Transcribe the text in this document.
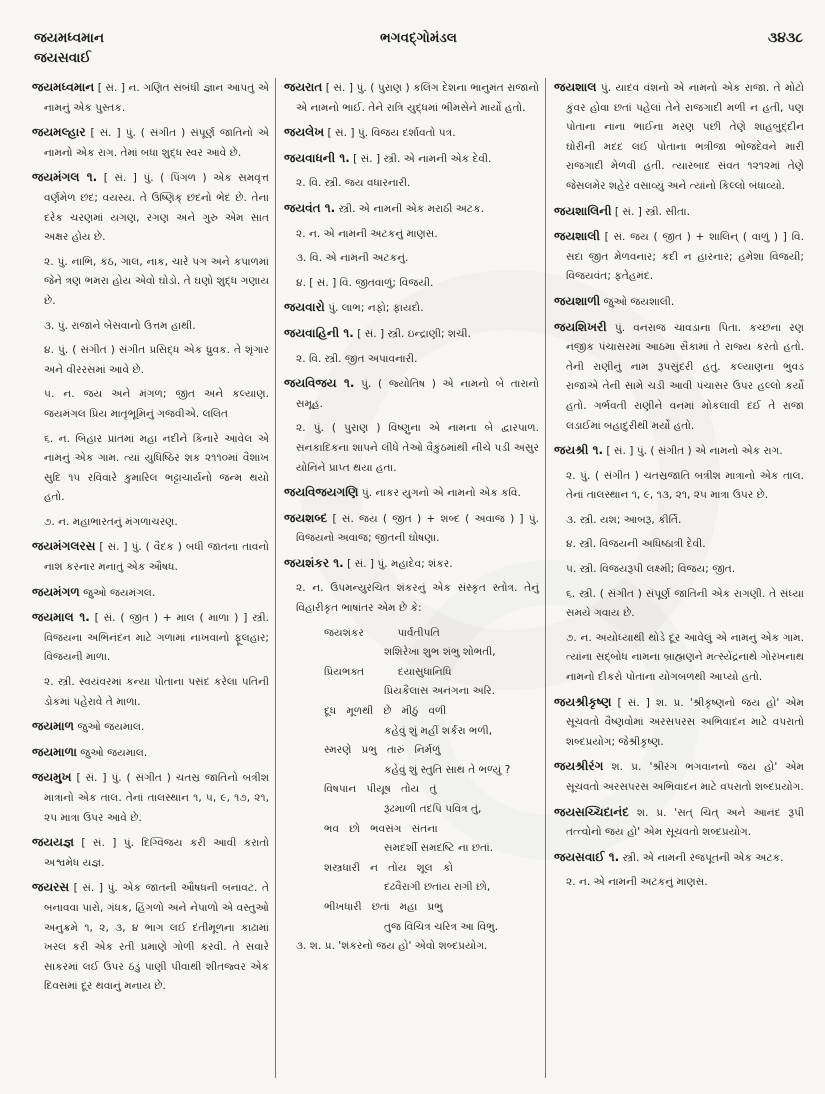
જયમધ્વમાન
જયસવાઈ
ભગવદ્ગોમંડલ	૩૪૩૮
જયમધ્વમાન [ સં. ] ન. ગણિત સંબંધી જ્ઞાન આપતું એ નામનું એક પુસ્તક.
જયમલ્હાર [ સં. ] પું. ( સંગીત ) સંપૂર્ણ જાતિનો એ નામનો એક રાગ. તેમાં બધા શુદ્ધ સ્વર આવે છે.
જયમંગલ ૧. [ સં. ] પું. ( પિંગળ ) એક સમવૃત્ત વર્ણમેળ છંદ; વયસ્ય. તે ઉષ્ણિક્ છંદનો ભેદ છે. તેના દરેક ચરણમાં યગણ, રગણ અને ગુરુ એમ સાત અક્ષર હોય છે.
૨. પું. નાભિ, કંઠ, ગાલ, નાક, ચારે પગ અને કપાળમાં જેને ત્રણ ભમરા હોય એવો ઘોડો. તે ઘણો શુદ્ધ ગણાય છે.
૩. પું. રાજાને બેસવાનો ઉત્તમ હાથી.
૪. પું. ( સંગીત ) સંગીત પ્રસિદ્ધ એક ધ્રુવક. તે શૃંગાર અને વીરરસમાં આવે છે.
૫. ન. જય અને મંગળ; જીત અને કલ્યાણ. જયમંગલ પ્રિય માતૃભૂમિનું ગજવીએ. લલિત
૬. ન. બિહાર પ્રાંતમાં મહા નદીને કિનારે આવેલ એ નામનું એક ગામ. ત્યાં યુધિષ્ઠિર શક ૨૧૧૦માં વૈશાખ સુદિ ૧૫ રવિવારે કુમારિલ ભટ્ટાચાર્યનો જન્મ થયો હતો.
૭. ન. મહાભારતનું મંગળાચરણ.
જયમંગલરસ [ સં. ] પું. ( વૈદક ) બધી જાતના તાવનો નાશ કરનાર મનાતું એક ઔષધ.
જયમંગળ જુઓ જયમંગલ.
જયમાલ ૧. [ સં. ( જીત ) + માલ ( માળા ) ] સ્ત્રી. વિજયના અભિનંદન માટે ગળામાં નાખવાનો ફૂલહાર; વિજયની માળા.
૨. સ્ત્રી. સ્વયંવરમાં કન્યા પોતાના પસંદ કરેલા પતિની ડોકમાં પહેરાવે તે માળા.
જયમાળ જુઓ જયમાલ.
જયમાળા જુઓ જયમાલ.
જયમુખ [ સં. ] પું. ( સંગીત ) ચતસ્ર જાતિનો બત્રીશ માત્રાનો એક તાલ. તેનાં તાલસ્થાન ૧, ૫, ૯, ૧૭, ૨૧, ૨૫ માત્રા ઉપર આવે છે.
જયયજ્ઞ [ સં. ] પું. દિગ્વિજય કરી આવી કરાતો અશ્વમેધ યજ્ઞ.
જયરસ [ સં. ] પું. એક જાતની ઔષધની બનાવટ. તે બનાવવા પારો, ગંધક, હિંગળો અને નેપાળો એ વસ્તુઓ અનુક્રમે ૧, ૨, ૩, ૪ ભાગ લઈ દંતીમૂળના કાઢામાં ખરલ કરી એક રતી પ્રમાણે ગોળી કરવી. તે સવારે સાકરમાં લઈ ઉપર ઠંડું પાણી પીવાથી શીતજ્વર એક દિવસમાં દૂર થવાનું મનાય છે.
જયરાત [ સં. ] પું. ( પુરાણ ) કલિંગ દેશના ભાનુમંત રાજાનો એ નામનો ભાઈ. તેને રાત્રિ યુદ્ધમાં ભીમસેને માર્યો હતો.
જયલેખ [ સં. ] પું. વિજય દર્શાવતો પત્ર.
જયવાધની ૧. [ સં. ] સ્ત્રી. એ નામની એક દેવી.
૨. વિ. સ્ત્રી. જય વધારનારી.
જયવંત ૧. સ્ત્રી. એ નામની એક મરાઠી અટક.
૨. ન. એ નામની અટકનું માણસ.
૩. વિ. એ નામની અટકનું.
૪. [ સં. ] વિ. જીતવાળું; વિજયી.
જયવારો પું. લાભ; નફો; ફાયદો.
જયવાહિની ૧. [ સં. ] સ્ત્રી. ઇન્દ્રાણી; શચી.
૨. વિ. સ્ત્રી. જીત અપાવનારી.
જયવિજય ૧. પું. ( જ્યોતિષ ) એ નામનો બે તારાનો સમૂહ.
૨. પું. ( પુરાણ ) વિષ્ણુના એ નામના બે દ્વારપાળ. સનકાદિકના શાપને લીધે તેઓ વૈકુંઠમાંથી નીચે પડી અસુર યોનિને પ્રાપ્ત થયા હતા.
જયવિજયગણિ પું. નાકર યુગનો એ નામનો એક કવિ.
જયશબ્દ [ સં. જય ( જીત ) + શબ્દ ( અવાજ ) ] પું. વિજયનો અવાજ; જીતની ઘોષણા.
જયશંકર ૧. [ સં. ] પું. મહાદેવ; શંકર.
૨. ન. ઉપમન્યુરચિત શંકરનું એક સંસ્કૃત સ્તોત્ર. તેનું વિહારીકૃત ભાષાંતર એમ છે કે:
જયશંકર          પાર્વતીપતિ
શશિરેખા શુભ શંભુ શોભતી,
પ્રિયભક્ત          દયાસુધાનિધિ
પ્રિયકૈલાસ અનંગના અરિ.
દૂધ   મૂળથી   છે   મીઠું   વળી
કહેવું શું મહીં શર્કરા ભળી,
સ્મરણે   પ્રભુ   તારું   નિર્મળું
કહેવું શું સ્તુતિ સાથ તે ભળ્યું ?
વિષપાન   પીયૂષ   તોય   તું
રૂંઢમાળી તદપિ પવિત્ર તું,
ભવ   છો   ભવસંગ   સંતના
સમદર્શી સમદષ્ટિ ના છતાં.
શસ્ત્રધારી   ન   તોય   શૂલ   કો
દઢવૈરાગી છતાંય રાગી છો,
ભીખધારી   છતાં   મહા   પ્રભુ
તુજ વિચિત્ર ચરિત્ર આ વિભુ.
૩. શ. પ્ર. 'શંકરનો જય હો' એવો શબ્દપ્રયોગ.
જયશાલ પું. યાદવ વંશનો એ નામનો એક રાજા. તે મોટો કુંવર હોવા છતાં પહેલાં તેને રાજગાદી મળી ન હતી, પણ પોતાના નાના ભાઈના મરણ પછી તેણે શાહબુદ્દીન ઘોરીની મદદ લઈ પોતાના ભત્રીજા ભોજદેવને મારી રાજગાદી મેળવી હતી. ત્યારબાદ સંવત ૧૨૧૨માં તેણે જેસલમેર શહેર વસાવ્યું અને ત્યાંનો કિલ્લો બંધાવ્યો.
જયશાલિની [ સં. ] સ્ત્રી. સીતા.
જયશાલી [ સં. જય ( જીત ) + શાલિન્ ( વાળું ) ] વિ. સદા જીત મેળવનાર; કદી ન હારનાર; હમેશા વિજયી; વિજયવંત; ફતેહમંદ.
જયશાળી જુઓ જયશાલી.
જયશિખરી પું. વનરાજ ચાવડાના પિતા. કચ્છના રણ નજીક પંચાસરમાં આઠમા સૈકામાં તે રાજ્ય કરતો હતો. તેની રાણીનું નામ રૂપસુંદરી હતું. કલ્યાણના ભુવડ રાજાએ તેની સામે ચડી આવી પંચાસર ઉપર હલ્લો કર્યો હતો. ગર્ભવતી રાણીને વનમાં મોકલાવી દઈ તે રાજા લડાઈમાં બહાદુરીથી મર્યો હતો.
જયશ્રી ૧. [ સં. ] પું. ( સંગીત ) એ નામનો એક રાગ.
૨. પું. ( સંગીત ) ચતસ્રજાતિ બત્રીશ માત્રાનો એક તાલ. તેનાં તાલસ્થાન ૧, ૯, ૧૩, ૨૧, ૨૫ માત્રા ઉપર છે.
૩. સ્ત્રી. યશ; આબરૂ, કીર્તિ.
૪. સ્ત્રી. વિજયની અધિષ્ઠાત્રી દેવી.
૫. સ્ત્રી. વિજયરૂપી લક્ષ્મી; વિજય; જીત.
૬. સ્ત્રી. ( સંગીત ) સંપૂર્ણ જાતિની એક રાગણી. તે સંધ્યા સમયે ગવાય છે.
૭. ન. અયોધ્યાથી થોડે દૂર આવેલું એ નામનું એક ગામ. ત્યાંના સદ્બોધ નામના બ્રાહ્મણને મત્સ્યેંદ્રનાથે ગોરખનાથ નામનો દીકરો પોતાના યોગબળથી આપ્યો હતો.
જયશ્રીકૃષ્ણ [ સં. ] શ. પ્ર. 'શ્રીકૃષ્ણનો જય હો' એમ સૂચવતો વૈષ્ણવોમાં અરસપરસ અભિવાદન માટે વપરાતો શબ્દપ્રયોગ; જેશ્રીકૃષ્ણ.
જયશ્રીરંગ શ. પ્ર. 'શ્રીરંગ ભગવાનનો જય હો' એમ સૂચવતો અરસપરસ અભિવાદન માટે વપરાતો શબ્દપ્રયોગ.
જયસચ્ચિદાનંદ શ. પ્ર. 'સત્ ચિત્ અને આનંદ રૂપી તત્ત્વોનો જય હો' એમ સૂચવતો શબ્દપ્રયોગ.
જયસવાઈ ૧. સ્ત્રી. એ નામની રજપૂતની એક અટક.
૨. ન. એ નામની અટકનું માણસ.
